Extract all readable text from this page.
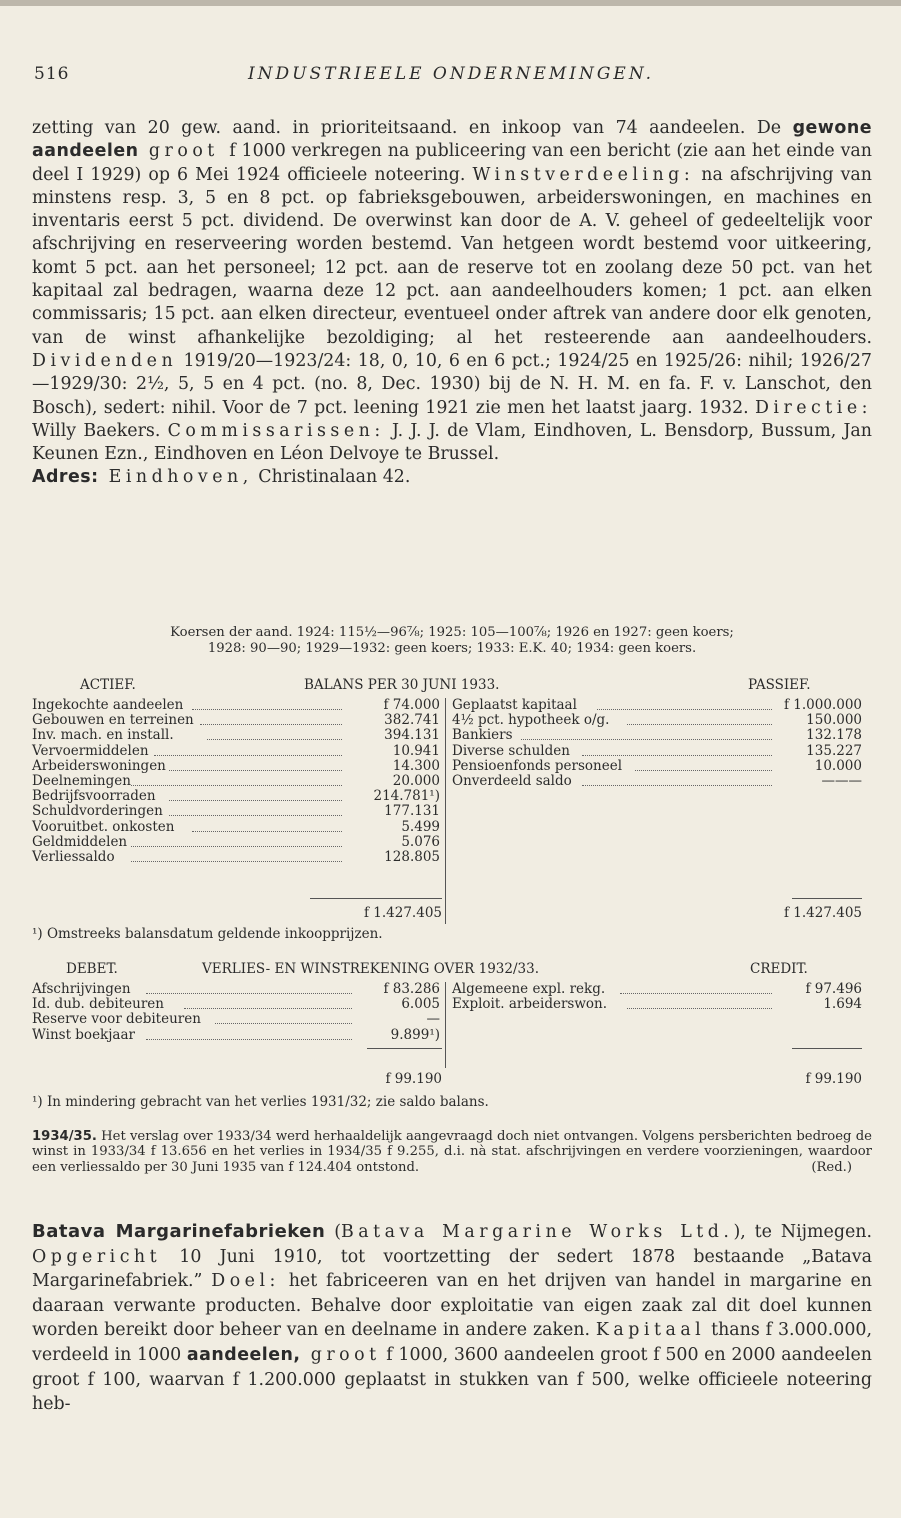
516	INDUSTRIEELE ONDERNEMINGEN.

zetting van 20 gew. aand. in prioriteitsaand. en inkoop van 74 aandeelen. De gewone aandeelen groot f 1000 verkregen na publiceering van een bericht (zie aan het einde van deel I 1929) op 6 Mei 1924 officieele noteering. Winstverdeeling: na afschrijving van minstens resp. 3, 5 en 8 pct. op fabrieksgebouwen, arbeiderswoningen, en machines en inventaris eerst 5 pct. dividend. De overwinst kan door de A. V. geheel of gedeeltelijk voor afschrijving en reserveering worden bestemd. Van hetgeen wordt bestemd voor uitkeering, komt 5 pct. aan het personeel; 12 pct. aan de reserve tot en zoolang deze 50 pct. van het kapitaal zal bedragen, waarna deze 12 pct. aan aandeelhouders komen; 1 pct. aan elken commissaris; 15 pct. aan elken directeur, eventueel onder aftrek van andere door elk genoten, van de winst afhankelijke bezoldiging; al het resteerende aan aandeelhouders. Dividenden 1919/20—1923/24: 18, 0, 10, 6 en 6 pct.; 1924/25 en 1925/26: nihil; 1926/27—1929/30: 2½, 5, 5 en 4 pct. (no. 8, Dec. 1930) bij de N. H. M. en fa. F. v. Lanschot, den Bosch), sedert: nihil. Voor de 7 pct. leening 1921 zie men het laatst jaarg. 1932. Directie: Willy Baekers. Commissarissen: J. J. J. de Vlam, Eindhoven, L. Bensdorp, Bussum, Jan Keunen Ezn., Eindhoven en Léon Delvoye te Brussel.

Adres: Eindhoven, Christinalaan 42.

Koersen der aand. 1924: 115½—96⅞; 1925: 105—100⅞; 1926 en 1927: geen koers;
1928: 90—90; 1929—1932: geen koers; 1933: E.K. 40; 1934: geen koers.
ACTIEF.	BALANS PER 30 JUNI 1933.	PASSIEF.
Ingekochte aandeelen	f 74.000 Geplaatst kapitaal	f 1.000.000
Gebouwen en terreinen	382.741 4½ pct. hypotheek o/g.	150.000
Inv. mach. en install.	394.131 Bankiers	132.178
Vervoermiddelen	10.941 Diverse schulden	135.227
Arbeiderswoningen	14.300 Pensioenfonds personeel	10.000
Deelnemingen	20.000 Onverdeeld saldo	———
Bedrijfsvoorraden	214.781¹)
Schuldvorderingen	177.131
Vooruitbet. onkosten	5.499
Geldmiddelen	5.076
Verliessaldo	128.805
f 1.427.405	f 1.427.405
¹) Omstreeks balansdatum geldende inkoopprijzen.
DEBET.	VERLIES- EN WINSTREKENING OVER 1932/33.	CREDIT.
Afschrijvingen	f 83.286 Algemeene expl. rekg.	f 97.496
Id. dub. debiteuren	6.005 Exploit. arbeiderswon.	1.694
Reserve voor debiteuren	—
Winst boekjaar	9.899¹)
f 99.190	f 99.190
¹) In mindering gebracht van het verlies 1931/32; zie saldo balans.
1934/35. Het verslag over 1933/34 werd herhaaldelijk aangevraagd doch niet ontvangen. Volgens persberichten bedroeg de winst in 1933/34 f 13.656 en het verlies in 1934/35 f 9.255, d.i. nà stat. afschrijvingen en verdere voorzieningen, waardoor een verliessaldo per 30 Juni 1935 van f 124.404 ontstond.	(Red.)

Batava Margarinefabrieken (Batava Margarine Works Ltd.), te Nijmegen. Opgericht 10 Juni 1910, tot voortzetting der sedert 1878 bestaande „Batava Margarinefabriek.” Doel: het fabriceeren van en het drijven van handel in margarine en daaraan verwante producten. Behalve door exploitatie van eigen zaak zal dit doel kunnen worden bereikt door beheer van en deelname in andere zaken. Kapitaal thans f 3.000.000, verdeeld in 1000 aandeelen, groot f 1000, 3600 aandeelen groot f 500 en 2000 aandeelen groot f 100, waarvan f 1.200.000 geplaatst in stukken van f 500, welke officieele noteering heb-
